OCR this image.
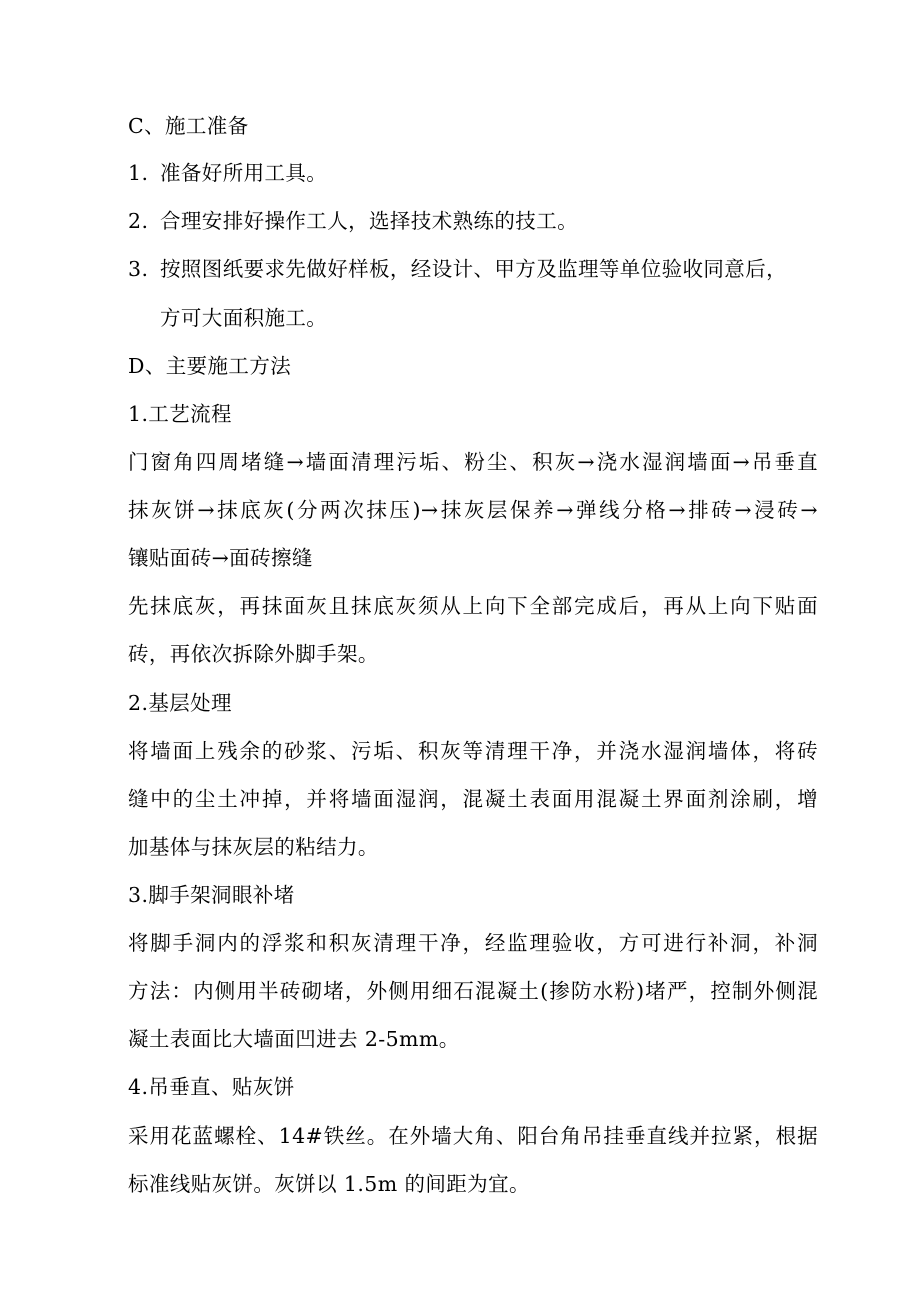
C、施工准备
1. 准备好所用工具。
2. 合理安排好操作工人，选择技术熟练的技工。
3. 按照图纸要求先做好样板，经设计、甲方及监理等单位验收同意后，
方可大面积施工。
D、主要施工方法
1.工艺流程
门窗角四周堵缝→墙面清理污垢、粉尘、积灰→浇水湿润墙面→吊垂直
抹灰饼→抹底灰(分两次抹压)→抹灰层保养→弹线分格→排砖→浸砖→
镶贴面砖→面砖擦缝
先抹底灰，再抹面灰且抹底灰须从上向下全部完成后，再从上向下贴面
砖，再依次拆除外脚手架。
2.基层处理
将墙面上残余的砂浆、污垢、积灰等清理干净，并浇水湿润墙体，将砖
缝中的尘土冲掉，并将墙面湿润，混凝土表面用混凝土界面剂涂刷，增
加基体与抹灰层的粘结力。
3.脚手架洞眼补堵
将脚手洞内的浮浆和积灰清理干净，经监理验收，方可进行补洞，补洞
方法：内侧用半砖砌堵，外侧用细石混凝土(掺防水粉)堵严，控制外侧混
凝土表面比大墙面凹进去 2-5mm。
4.吊垂直、贴灰饼
采用花蓝螺栓、14#铁丝。在外墙大角、阳台角吊挂垂直线并拉紧，根据
标准线贴灰饼。灰饼以 1.5m 的间距为宜。
